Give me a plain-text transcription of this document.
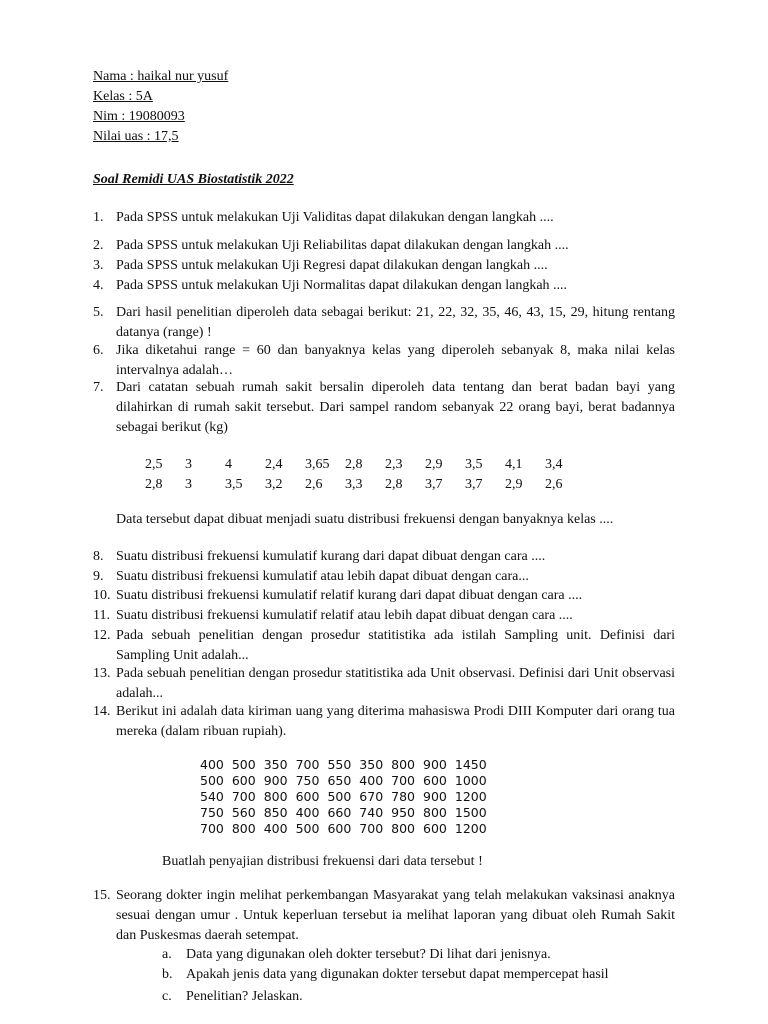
Nama : haikal nur yusuf
Kelas : 5A
Nim : 19080093
Nilai uas : 17,5
Soal Remidi UAS Biostatistik 2022
1. Pada SPSS untuk melakukan Uji Validitas dapat dilakukan dengan langkah ....
2. Pada SPSS untuk melakukan Uji Reliabilitas dapat dilakukan dengan langkah ....
3. Pada SPSS untuk melakukan Uji Regresi dapat dilakukan dengan langkah ....
4. Pada SPSS untuk melakukan Uji Normalitas dapat dilakukan dengan langkah ....
5. Dari hasil penelitian diperoleh data sebagai berikut: 21, 22, 32, 35, 46, 43, 15, 29, hitung rentang datanya (range) !
6. Jika diketahui range = 60 dan banyaknya kelas yang diperoleh sebanyak 8, maka nilai kelas intervalnya adalah…
7. Dari catatan sebuah rumah sakit bersalin diperoleh data tentang dan berat badan bayi yang dilahirkan di rumah sakit tersebut. Dari sampel random sebanyak 22 orang bayi, berat badannya sebagai berikut (kg)
2,5	3	4	2,4	3,65	2,8	2,3	2,9	3,5	4,1	3,4
2,8	3	3,5	3,2	2,6	3,3	2,8	3,7	3,7	2,9	2,6
Data tersebut dapat dibuat menjadi suatu distribusi frekuensi dengan banyaknya kelas ....
8. Suatu distribusi frekuensi kumulatif kurang dari dapat dibuat dengan cara ....
9. Suatu distribusi frekuensi kumulatif atau lebih dapat dibuat dengan cara...
10. Suatu distribusi frekuensi kumulatif relatif kurang dari dapat dibuat dengan cara ....
11. Suatu distribusi frekuensi kumulatif relatif atau lebih dapat dibuat dengan cara ....
12. Pada sebuah penelitian dengan prosedur statitistika ada istilah Sampling unit. Definisi dari Sampling Unit adalah...
13. Pada sebuah penelitian dengan prosedur statitistika ada Unit observasi. Definisi dari Unit observasi adalah...
14. Berikut ini adalah data kiriman uang yang diterima mahasiswa Prodi DIII Komputer dari orang tua mereka (dalam ribuan rupiah).
400	500	350	700	550	350	800	900	1450
500	600	900	750	650	400	700	600	1000
540	700	800	600	500	670	780	900	1200
750	560	850	400	660	740	950	800	1500
700	800	400	500	600	700	800	600	1200
Buatlah penyajian distribusi frekuensi dari data tersebut !
15. Seorang dokter ingin melihat perkembangan Masyarakat yang telah melakukan vaksinasi anaknya sesuai dengan umur . Untuk keperluan tersebut ia melihat laporan yang dibuat oleh Rumah Sakit dan Puskesmas daerah setempat.
a. Data yang digunakan oleh dokter tersebut? Di lihat dari jenisnya.
b. Apakah jenis data yang digunakan dokter tersebut dapat mempercepat hasil
c. Penelitian? Jelaskan.
